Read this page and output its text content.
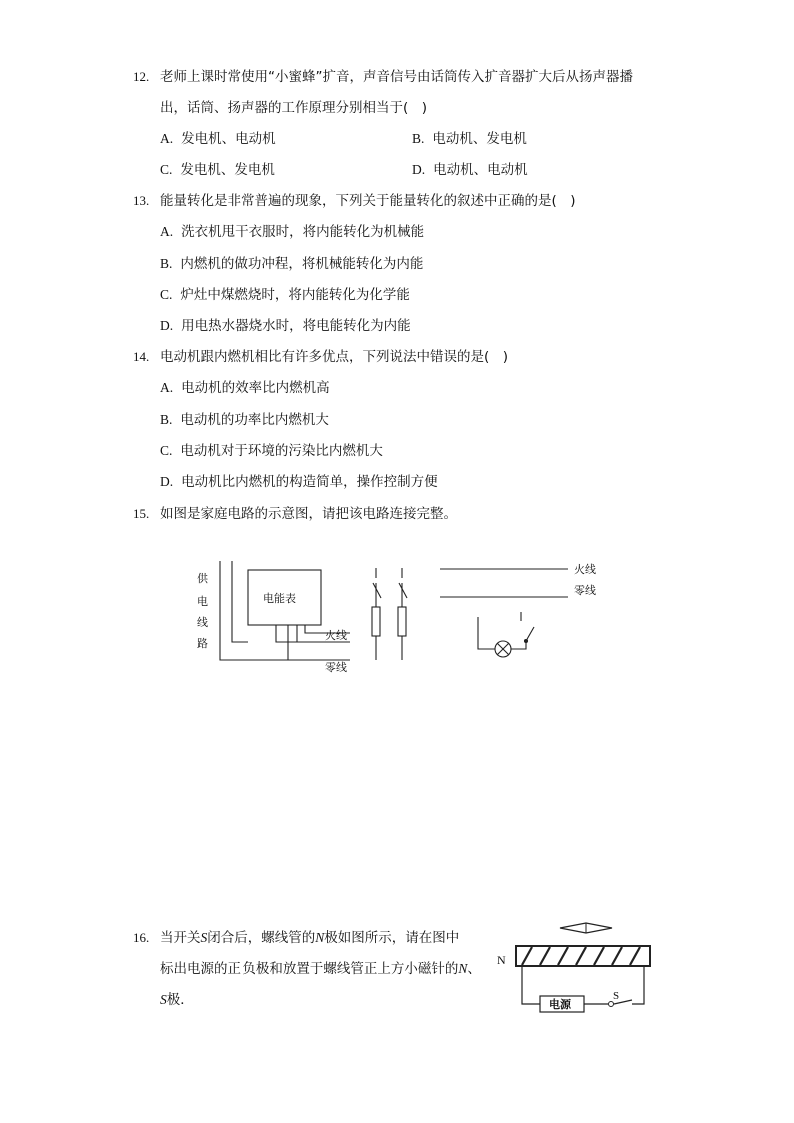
12. 老师上课时常使用“小蜜蜂”扩音，声音信号由话筒传入扩音器扩大后从扬声器播
出，话筒、扬声器的工作原理分别相当于(　)
A. 发电机、电动机	B. 电动机、发电机
C. 发电机、发电机	D. 电动机、电动机
13. 能量转化是非常普遍的现象，下列关于能量转化的叙述中正确的是(　)
A. 洗衣机甩干衣服时，将内能转化为机械能
B. 内燃机的做功冲程，将机械能转化为内能
C. 炉灶中煤燃烧时，将内能转化为化学能
D. 用电热水器烧水时，将电能转化为内能
14. 电动机跟内燃机相比有许多优点，下列说法中错误的是(　)
A. 电动机的效率比内燃机高
B. 电动机的功率比内燃机大
C. 电动机对于环境的污染比内燃机大
D. 电动机比内燃机的构造简单，操作控制方便
15. 如图是家庭电路的示意图，请把该电路连接完整。
供
电
线
路
电能表
火线
零线
火线
零线
16. 当开关S闭合后，螺线管的N极如图所示，请在图中
标出电源的正 负极和放置于螺线管正上方小磁针的N、
S极．	电源
S
N
